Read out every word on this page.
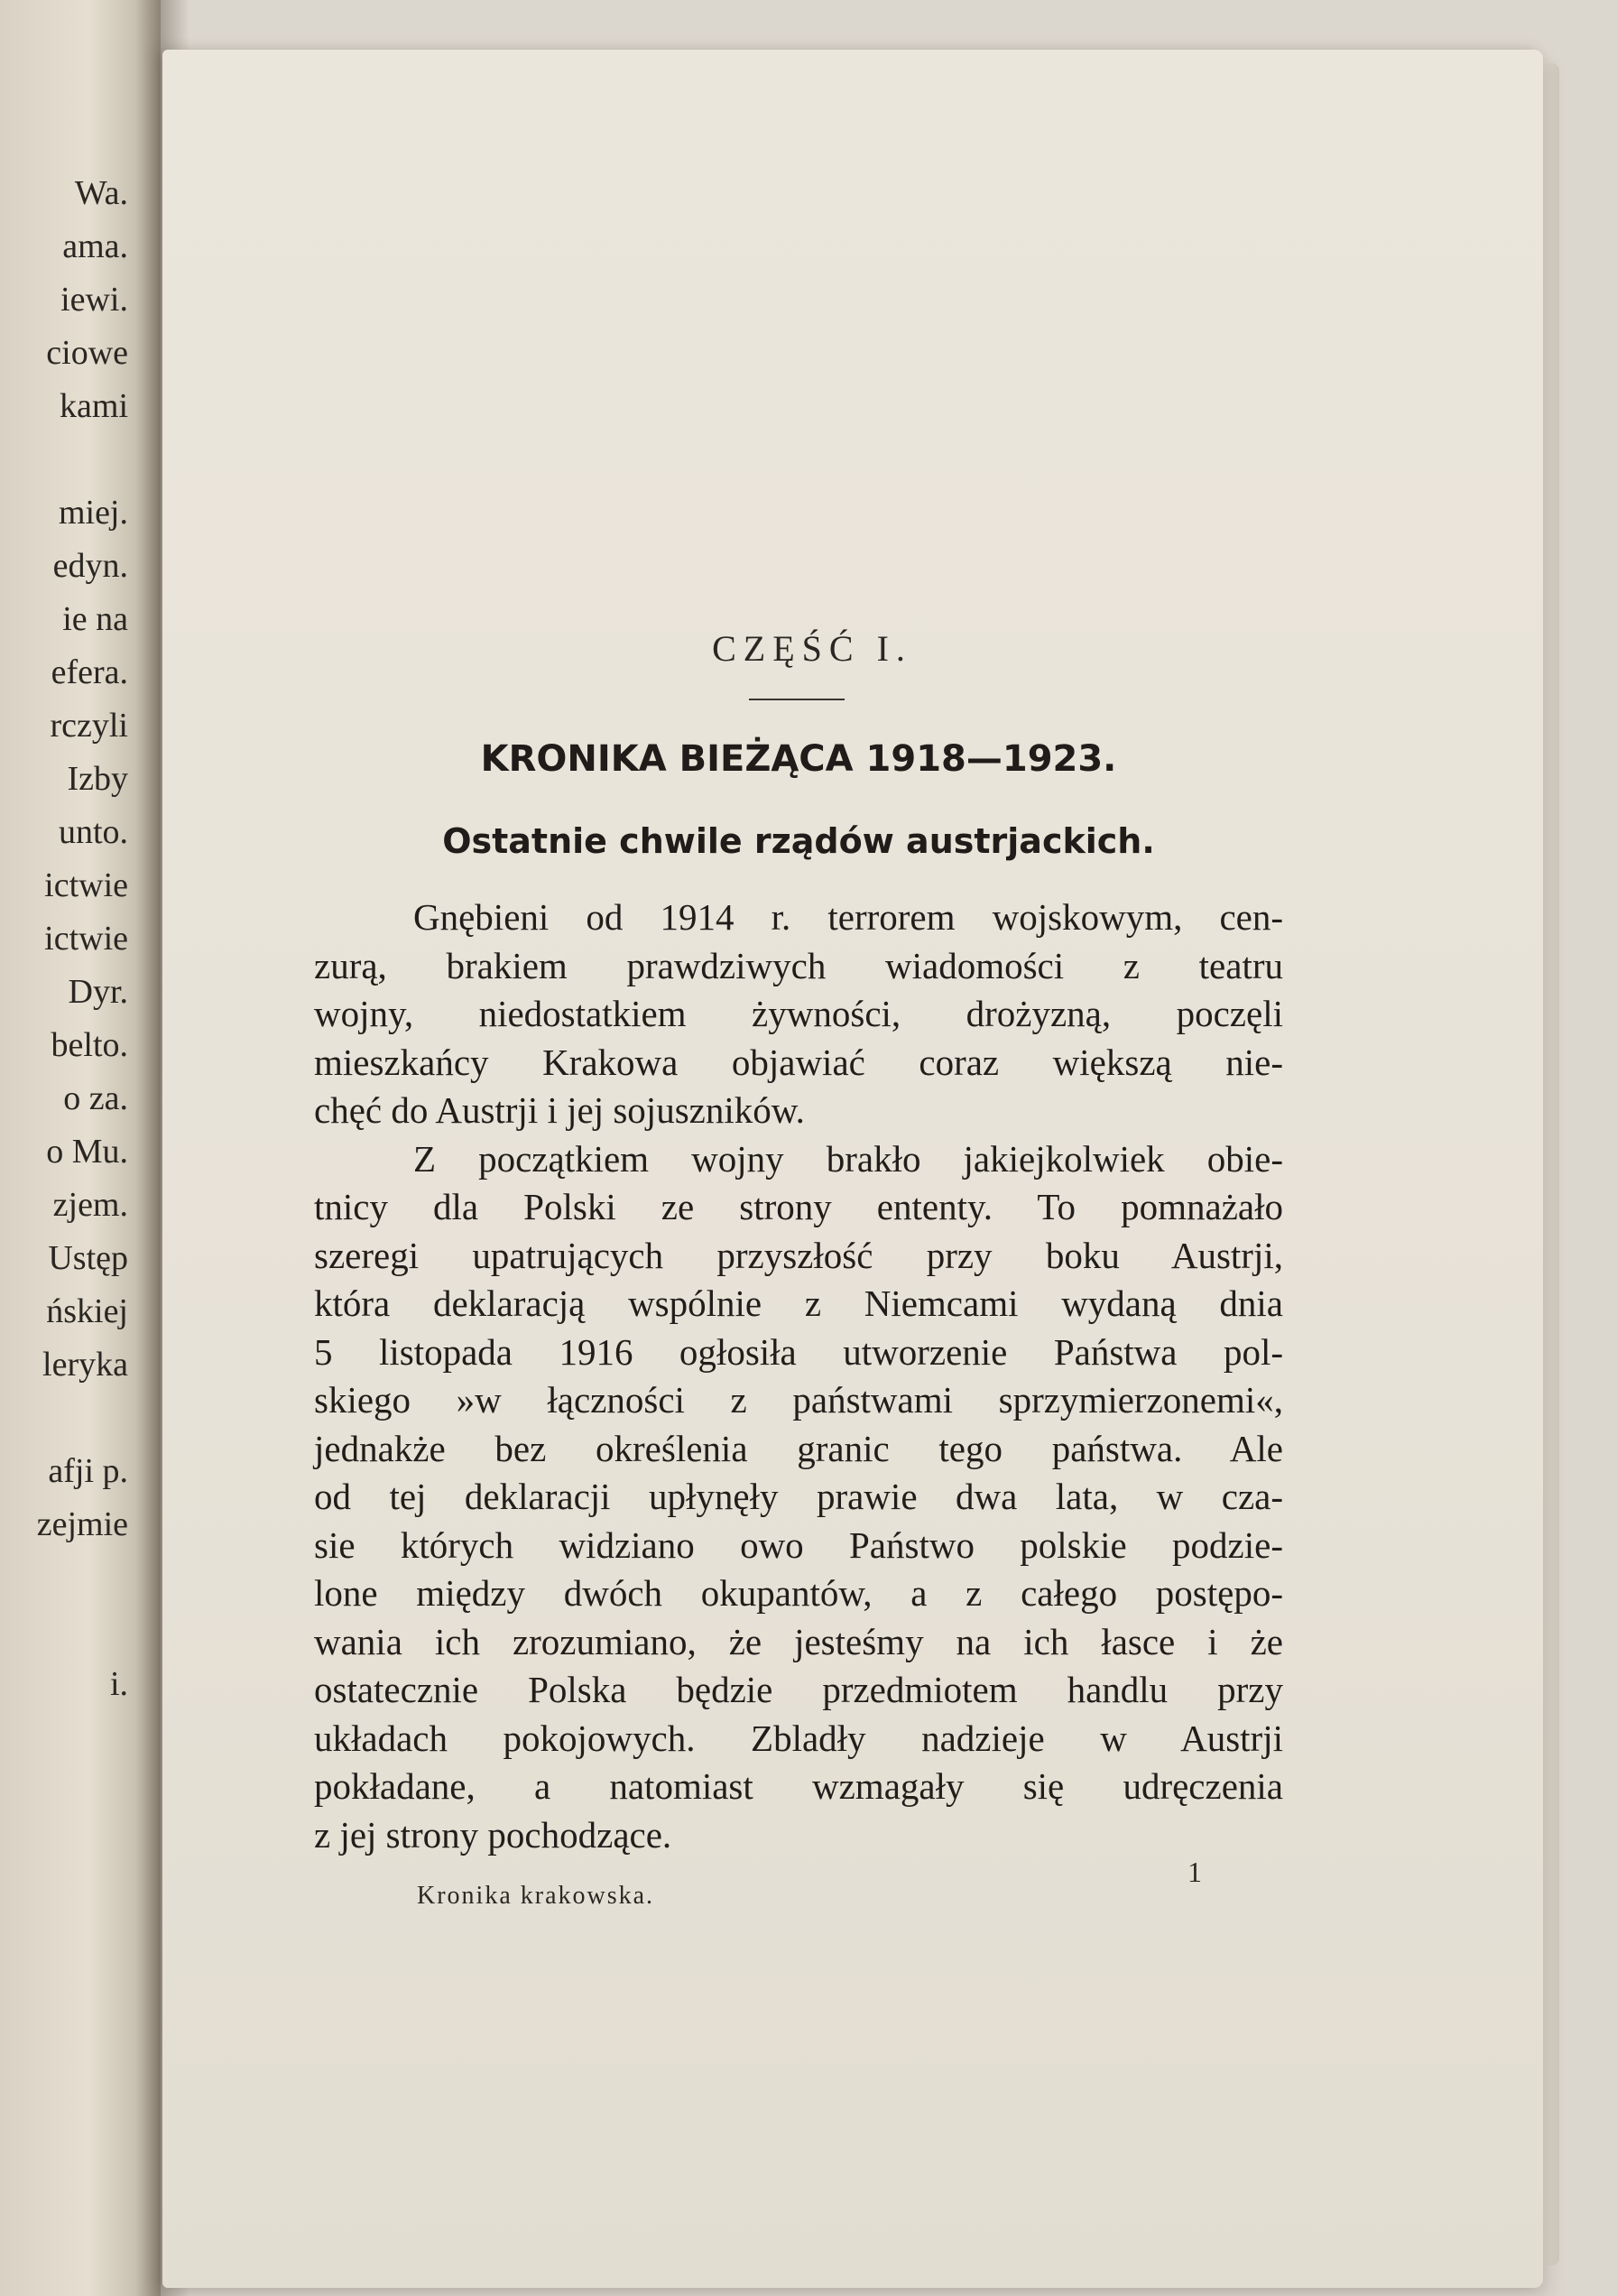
Wa.
ama.
iewi.
ciowe
kami
miej.
edyn.
ie na
efera.
rczyli
Izby
unto.
ictwie
ictwie
Dyr.
belto.
o za.
o Mu.
zjem.
Ustęp
ńskiej
leryka
afji p.
zejmie
i.
CZĘŚĆ I.
KRONIKA BIEŻĄCA 1918—1923.
Ostatnie chwile rządów austrjackich.
Gnębieni od 1914 r. terrorem wojskowym, cen-
zurą, brakiem prawdziwych wiadomości z teatru
wojny, niedostatkiem żywności, drożyzną, poczęli
mieszkańcy Krakowa objawiać coraz większą nie-
chęć do Austrji i jej sojuszników.
Z początkiem wojny brakło jakiejkolwiek obie-
tnicy dla Polski ze strony ententy. To pomnażało
szeregi upatrujących przyszłość przy boku Austrji,
która deklaracją wspólnie z Niemcami wydaną dnia
5 listopada 1916 ogłosiła utworzenie Państwa pol-
skiego »w łączności z państwami sprzymierzonemi«,
jednakże bez określenia granic tego państwa. Ale
od tej deklaracji upłynęły prawie dwa lata, w cza-
sie których widziano owo Państwo polskie podzie-
lone między dwóch okupantów, a z całego postępo-
wania ich zrozumiano, że jesteśmy na ich łasce i że
ostatecznie Polska będzie przedmiotem handlu przy
układach pokojowych. Zbladły nadzieje w Austrji
pokładane, a natomiast wzmagały się udręczenia
z jej strony pochodzące.
Kronika krakowska.
1
